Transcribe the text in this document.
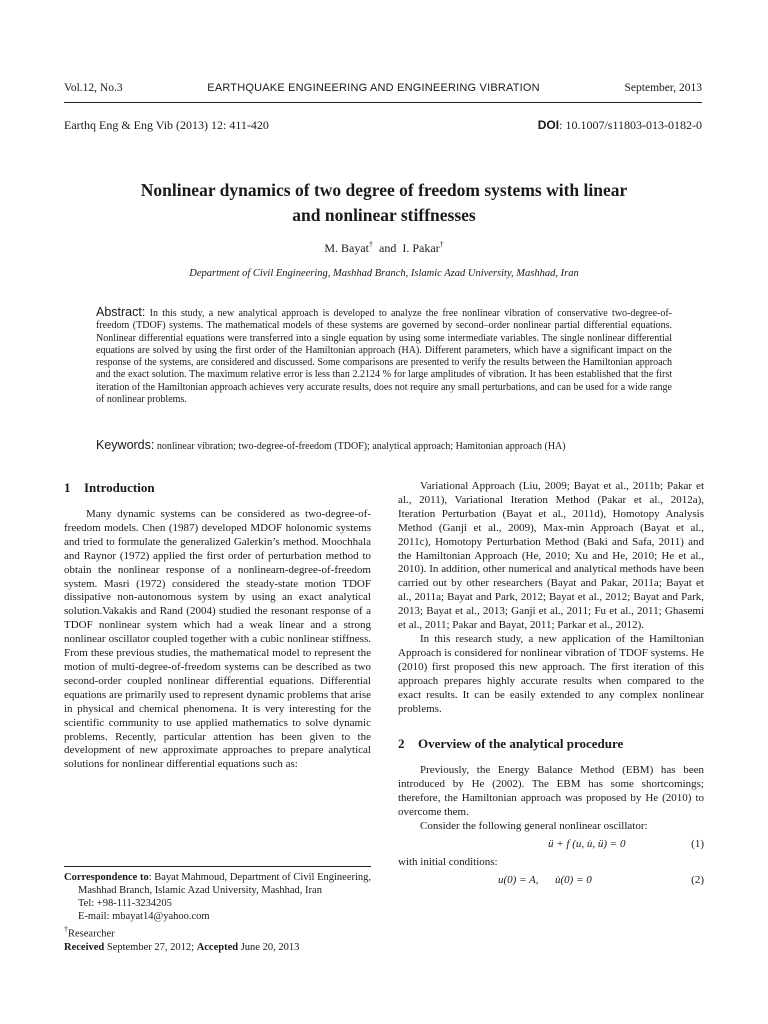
Vol.12, No.3	EARTHQUAKE ENGINEERING AND ENGINEERING VIBRATION	September, 2013
Earthq Eng & Eng Vib (2013) 12: 411-420	DOI: 10.1007/s11803-013-0182-0
Nonlinear dynamics of two degree of freedom systems with linear
and nonlinear stiffnesses
M. Bayat† and I. Pakar†
Department of Civil Engineering, Mashhad Branch, Islamic Azad University, Mashhad, Iran
Abstract: In this study, a new analytical approach is developed to analyze the free nonlinear vibration of conservative two-degree-of-freedom (TDOF) systems. The mathematical models of these systems are governed by second–order nonlinear partial differential equations. Nonlinear differential equations were transferred into a single equation by using some intermediate variables. The single nonlinear differential equations are solved by using the first order of the Hamiltonian approach (HA). Different parameters, which have a significant impact on the response of the systems, are considered and discussed. Some comparisons are presented to verify the results between the Hamiltonian approach and the exact solution. The maximum relative error is less than 2.2124 % for large amplitudes of vibration. It has been established that the first iteration of the Hamiltonian approach achieves very accurate results, does not require any small perturbations, and can be used for a wide range of nonlinear problems.
Keywords: nonlinear vibration; two-degree-of-freedom (TDOF); analytical approach; Hamitonian approach (HA)
1 Introduction

Many dynamic systems can be considered as two-degree-of-freedom models. Chen (1987) developed MDOF holonomic systems and tried to formulate the generalized Galerkin’s method. Moochhala and Raynor (1972) applied the first order of perturbation method to obtain the nonlinear response of a nonlinearn-degree-of-freedom system. Masri (1972) considered the steady-state motion TDOF dissipative non-autonomous system by using an exact analytical solution.Vakakis and Rand (2004) studied the resonant response of a TDOF nonlinear system which had a weak linear and a strong nonlinear oscillator coupled together with a cubic nonlinear stiffness. From these previous studies, the mathematical model to represent the motion of multi-degree-of-freedom systems can be described as two second-order coupled nonlinear differential equations. Differential equations are primarily used to represent dynamic problems that arise in physical and chemical phenomena. It is very interesting for the scientific community to use applied mathematics to solve dynamic problems. Recently, particular attention has been given to the development of new approximate approaches to prepare analytical solutions for nonlinear differential equations such as:

Correspondence to: Bayat Mahmoud, Department of Civil Engineering, Mashhad Branch, Islamic Azad University, Mashhad, Iran
Tel: +98-111-3234205
E-mail: mbayat14@yahoo.com
†Researcher
Received September 27, 2012; Accepted June 20, 2013

Variational Approach (Liu, 2009; Bayat et al., 2011b; Pakar et al., 2011), Variational Iteration Method (Pakar et al., 2012a), Iteration Perturbation (Bayat et al., 2011d), Homotopy Analysis Method (Ganji et al., 2009), Max-min Approach (Bayat et al., 2011c), Homotopy Perturbation Method (Baki and Safa, 2011) and the Hamiltonian Approach (He, 2010; Xu and He, 2010; He et al., 2010). In addition, other numerical and analytical methods have been carried out by other researchers (Bayat and Pakar, 2011a; Bayat et al., 2011a; Bayat and Park, 2012; Bayat et al., 2012; Bayat and Park, 2013; Bayat et al., 2013; Ganji et al., 2011; Fu et al., 2011; Ghasemi et al., 2011; Pakar and Bayat, 2011; Parkar et al., 2012).

In this research study, a new application of the Hamiltonian Approach is considered for nonlinear vibration of TDOF systems. He (2010) first proposed this new approach. The first iteration of this approach prepares highly accurate results when compared to the exact results. It can be easily extended to any complex nonlinear problems.

2 Overview of the analytical procedure

Previously, the Energy Balance Method (EBM) has been introduced by He (2002). The EBM has some shortcomings; therefore, the Hamiltonian approach was proposed by He (2010) to overcome them.

Consider the following general nonlinear oscillator:

ü + f (u, u̇, ü) = 0	(1)

with initial conditions:

u(0) = A,      u̇(0) = 0	(2)
